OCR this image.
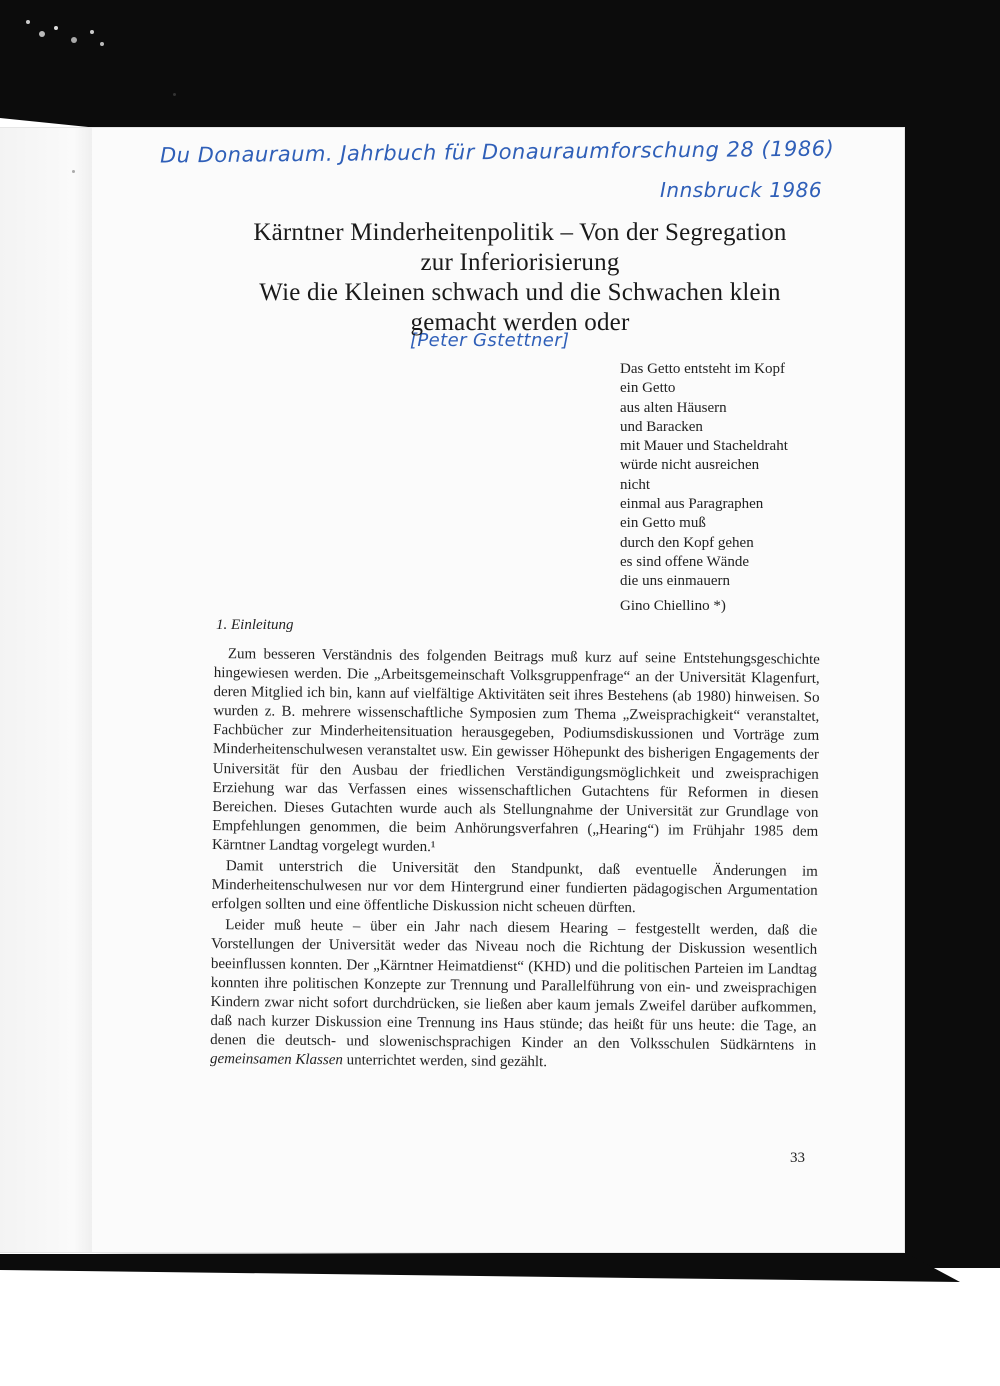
Du Donauraum. Jahrbuch für Donauraumforschung 28 (1986)
Innsbruck 1986
[Peter Gstettner]
Kärntner Minderheitenpolitik – Von der Segregation
zur Inferiorisierung
Wie die Kleinen schwach und die Schwachen klein
gemacht werden oder
Das Getto entsteht im Kopf
ein Getto
aus alten Häusern
und Baracken
mit Mauer und Stacheldraht
würde nicht ausreichen
nicht
einmal aus Paragraphen
ein Getto muß
durch den Kopf gehen
es sind offene Wände
die uns einmauern
Gino Chiellino *)
1. Einleitung

Zum besseren Verständnis des folgenden Beitrags muß kurz auf seine Entstehungsgeschichte hingewiesen werden. Die „Arbeitsgemeinschaft Volksgruppenfrage“ an der Universität Klagenfurt, deren Mitglied ich bin, kann auf vielfältige Aktivitäten seit ihres Bestehens (ab 1980) hinweisen. So wurden z. B. mehrere wissenschaftliche Symposien zum Thema „Zweisprachigkeit“ veranstaltet, Fachbücher zur Minderheitensituation herausgegeben, Podiumsdiskussionen und Vorträge zum Minderheitenschulwesen veranstaltet usw. Ein gewisser Höhepunkt des bisherigen Engagements der Universität für den Ausbau der friedlichen Verständigungsmöglichkeit und zweisprachigen Erziehung war das Verfassen eines wissenschaftlichen Gutachtens für Reformen in diesen Bereichen. Dieses Gutachten wurde auch als Stellungnahme der Universität zur Grundlage von Empfehlungen genommen, die beim Anhörungsverfahren („Hearing“) im Frühjahr 1985 dem Kärntner Landtag vorgelegt wurden.¹

Damit unterstrich die Universität den Standpunkt, daß eventuelle Änderungen im Minderheitenschulwesen nur vor dem Hintergrund einer fundierten pädagogischen Argumentation erfolgen sollten und eine öffentliche Diskussion nicht scheuen dürften.

Leider muß heute – über ein Jahr nach diesem Hearing – festgestellt werden, daß die Vorstellungen der Universität weder das Niveau noch die Richtung der Diskussion wesentlich beeinflussen konnten. Der „Kärntner Heimatdienst“ (KHD) und die politischen Parteien im Landtag konnten ihre politischen Konzepte zur Trennung und Parallelführung von ein- und zweisprachigen Kindern zwar nicht sofort durchdrücken, sie ließen aber kaum jemals Zweifel darüber aufkommen, daß nach kurzer Diskussion eine Trennung ins Haus stünde; das heißt für uns heute: die Tage, an denen die deutsch- und slowenischsprachigen Kinder an den Volksschulen Südkärntens in gemeinsamen Klassen unterrichtet werden, sind gezählt.

33
